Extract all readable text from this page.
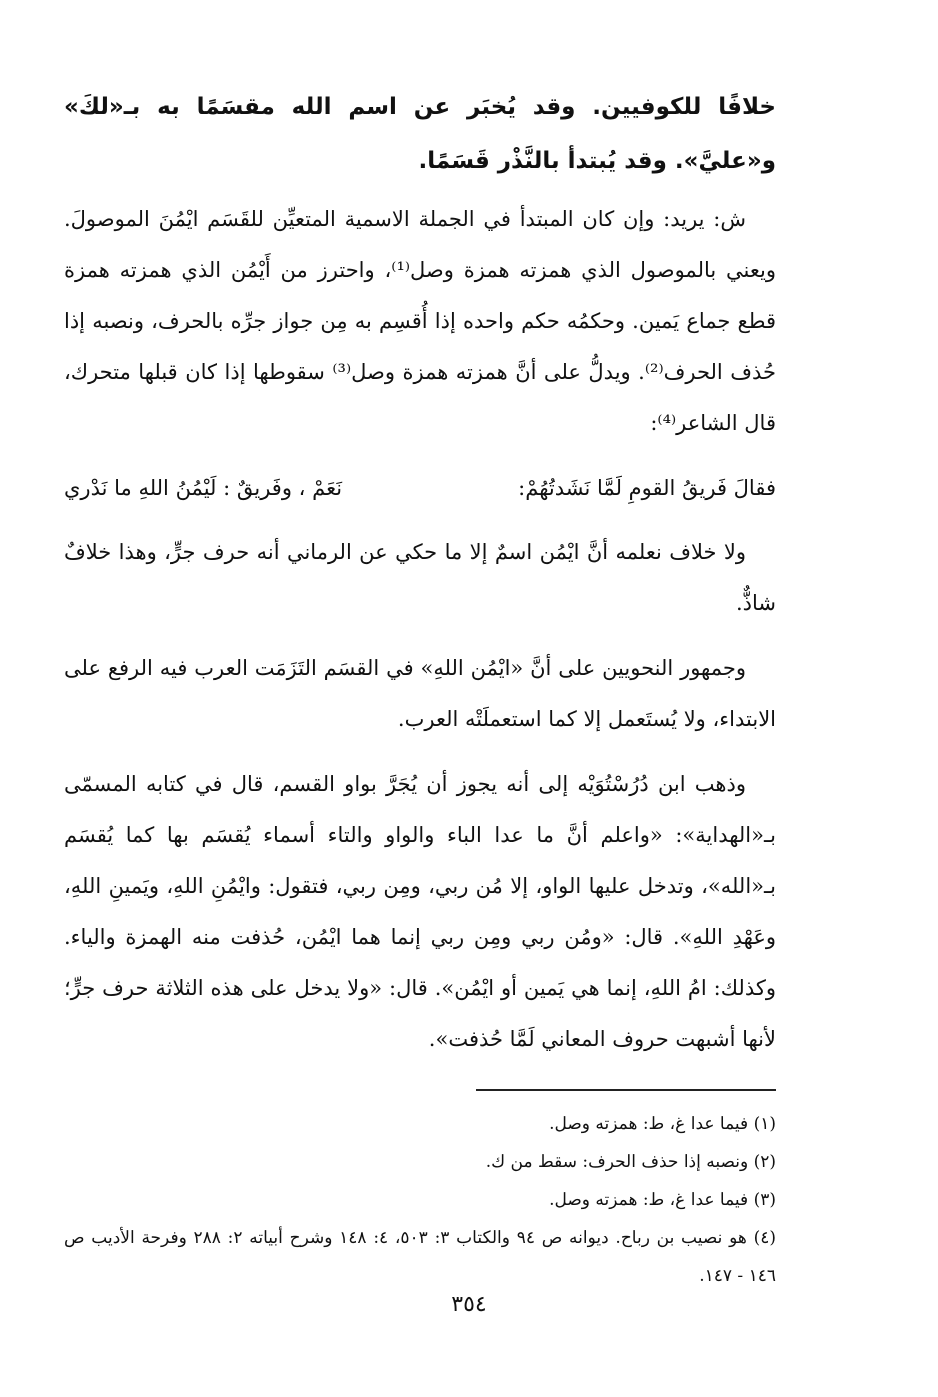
خلافًا للكوفيين. وقد يُخبَر عن اسم الله مقسَمًا به بـ«لكَ» و«عليَّ». وقد يُبتدأ بالنَّذْر قَسَمًا.

ش: يريد: وإن كان المبتدأ في الجملة الاسمية المتعيِّن للقَسَم ايْمُنَ الموصولَ. ويعني بالموصول الذي همزته همزة وصل⁽¹⁾، واحترز من أَيْمُن الذي همزته همزة قطع جماع يَمين. وحكمُه حكم واحده إذا أُقسِم به مِن جواز جرِّه بالحرف، ونصبه إذا حُذف الحرف⁽²⁾. ويدلُّ على أنَّ همزته همزة وصل⁽³⁾ سقوطها إذا كان قبلها متحرك، قال الشاعر⁽⁴⁾:

فقالَ فَريقُ القومِ لَمَّا نَشَدتُهُمْ:
نَعَمْ ، وفَريقٌ : لَيْمُنُ اللهِ ما نَدْري

ولا خلاف نعلمه أنَّ ايْمُن اسمٌ إلا ما حكي عن الرماني أنه حرف جرٍّ، وهذا خلافٌ شاذٌّ.

وجمهور النحويين على أنَّ «ايْمُن اللهِ» في القسَم التَزَمَت العرب فيه الرفع على الابتداء، ولا يُستَعمل إلا كما استعملَتْه العرب.

وذهب ابن دُرُسْتُوَيْه إلى أنه يجوز أن يُجَرَّ بواو القسم، قال في كتابه المسمّى بـ«الهداية»: «واعلم أنَّ ما عدا الباء والواو والتاء أسماء يُقسَم بها كما يُقسَم بـ«الله»، وتدخل عليها الواو، إلا مُن ربي، ومِن ربي، فتقول: وايْمُنِ اللهِ، ويَمينِ اللهِ، وعَهْدِ اللهِ». قال: «ومُن ربي ومِن ربي إنما هما ايْمُن، حُذفت منه الهمزة والياء. وكذلك: امُ اللهِ، إنما هي يَمين أو ايْمُن». قال: «ولا يدخل على هذه الثلاثة حرف جرٍّ؛ لأنها أشبهت حروف المعاني لَمَّا حُذفت».

(١) فيما عدا غ، ط: همزته وصل.

(٢) ونصبه إذا حذف الحرف: سقط من ك.

(٣) فيما عدا غ، ط: همزته وصل.

(٤) هو نصيب بن رباح. ديوانه ص ٩٤ والكتاب ٣: ٥٠٣، ٤: ١٤٨ وشرح أبياته ٢: ٢٨٨ وفرحة الأديب ص ١٤٦ - ١٤٧.

٣٥٤
